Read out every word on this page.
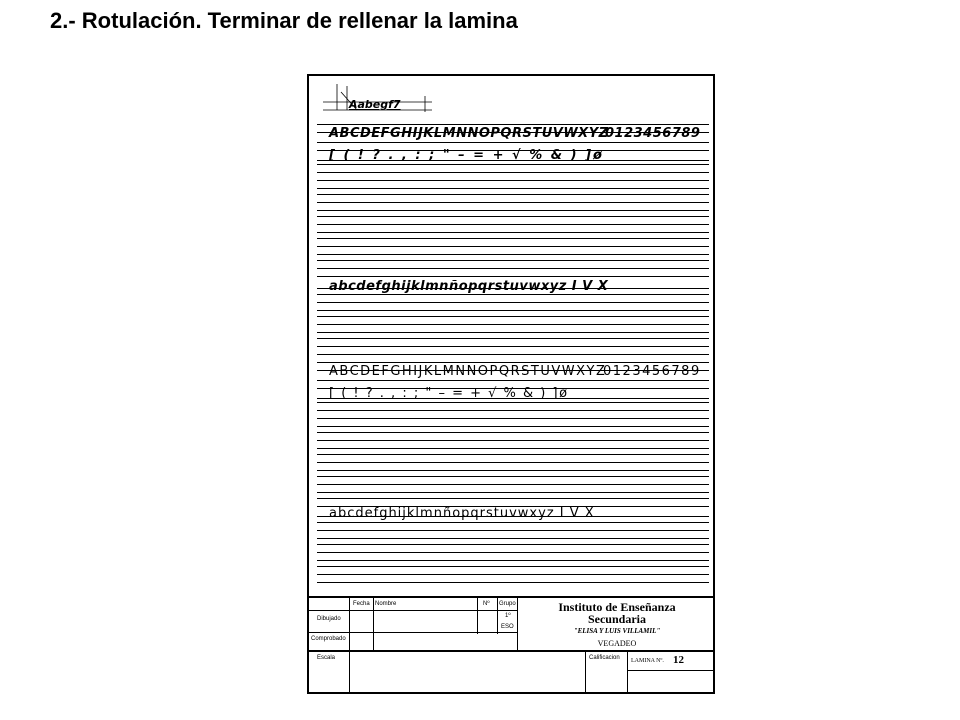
2.- Rotulación. Terminar de rellenar la lamina
Aabegf7
ABCDEFGHIJKLMNNOPQRSTUVWXYZ
0123456789
[ ( ! ? . , : ; " – = + √ % & ) ]ø
abcdefghijklmnñopqrstuvwxyz I V X
ABCDEFGHIJKLMNNOPQRSTUVWXYZ
0123456789
[ ( ! ? . , : ; " – = + √ % & ) ]ø
abcdefghijklmnñopqrstuvwxyz I V X
Fecha Nombre	Nº Grupo
1º
ESO
Dibujado
Comprobado
Escala	Calificacion
Instituto de Enseñanza
Secundaria
"ELISA Y LUIS VILLAMIL"
VEGADEO
LAMINA Nº. 12
